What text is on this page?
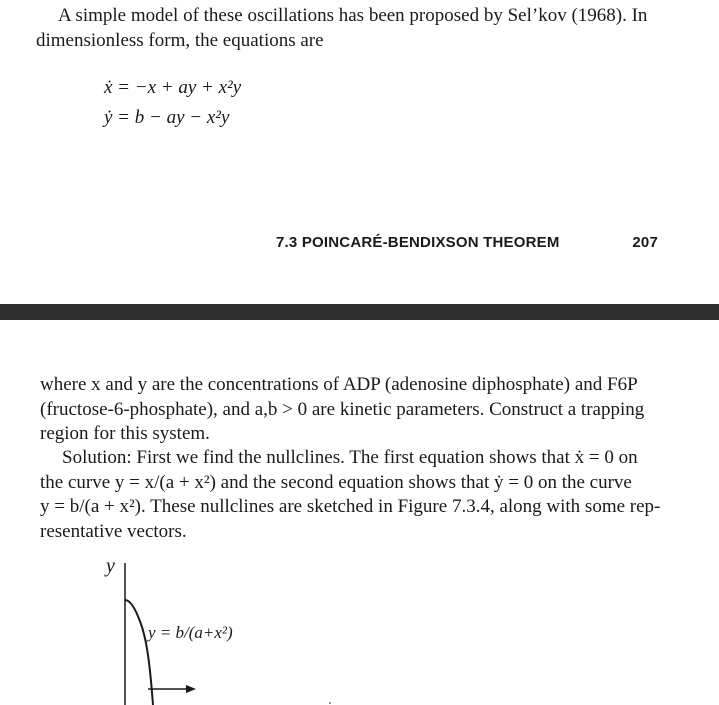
A simple model of these oscillations has been proposed by Sel’kov (1968). In
dimensionless form, the equations are

ẋ = −x + ay + x²y
ẏ = b − ay − x²y
7.3 POINCARÉ-BENDIXSON THEOREM	207
where x and y are the concentrations of ADP (adenosine diphosphate) and F6P
(fructose-6-phosphate), and a,b > 0 are kinetic parameters. Construct a trapping
region for this system.
Solution: First we find the nullclines. The first equation shows that ẋ = 0 on
the curve y = x/(a + x²) and the second equation shows that ẏ = 0 on the curve
y = b/(a + x²). These nullclines are sketched in Figure 7.3.4, along with some rep-
resentative vectors.
y
y = b/(a+x²)
